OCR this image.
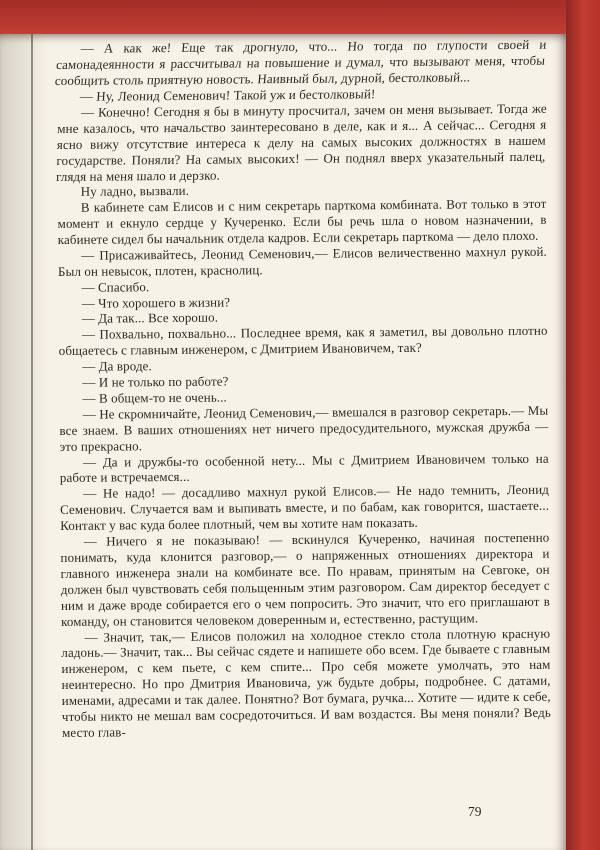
— А как же! Еще так дрогнуло, что... Но тогда по глупости своей и самонадеянности я рассчитывал на повышение и думал, что вызывают меня, чтобы сообщить столь приятную новость. Наивный был, дурной, бестолковый...

— Ну, Леонид Семенович! Такой уж и бестолковый!

— Конечно! Сегодня я бы в минуту просчитал, зачем он меня вызывает. Тогда же мне казалось, что начальство заинтересовано в деле, как и я... А сейчас... Сегодня я ясно вижу отсутствие интереса к делу на самых высоких должностях в нашем государстве. Поняли? На самых высоких! — Он поднял вверх указательный палец, глядя на меня шало и дерзко.

Ну ладно, вызвали.

В кабинете сам Елисов и с ним секретарь парткома комбината. Вот только в этот момент и екнуло сердце у Кучеренко. Если бы речь шла о новом назначении, в кабинете сидел бы начальник отдела кадров. Если секретарь парткома — дело плохо.

— Присаживайтесь, Леонид Семенович,— Елисов величественно махнул рукой. Был он невысок, плотен, краснолиц.

— Спасибо.

— Что хорошего в жизни?

— Да так... Все хорошо.

— Похвально, похвально... Последнее время, как я заметил, вы довольно плотно общаетесь с главным инженером, с Дмитрием Ивановичем, так?

— Да вроде.

— И не только по работе?

— В общем-то не очень...

— Не скромничайте, Леонид Семенович,— вмешался в разговор секретарь.— Мы все знаем. В ваших отношениях нет ничего предосудительного, мужская дружба — это прекрасно.

— Да и дружбы-то особенной нету... Мы с Дмитрием Ивановичем только на работе и встречаемся...

— Не надо! — досадливо махнул рукой Елисов.— Не надо темнить, Леонид Семенович. Случается вам и выпивать вместе, и по бабам, как говорится, шастаете... Контакт у вас куда более плотный, чем вы хотите нам показать.

— Ничего я не показываю! — вскинулся Кучеренко, начиная постепенно понимать, куда клонится разговор,— о напряженных отношениях директора и главного инженера знали на комбинате все. По нравам, принятым на Севгоке, он должен был чувствовать себя польщенным этим разговором. Сам директор беседует с ним и даже вроде собирается его о чем попросить. Это значит, что его приглашают в команду, он становится человеком доверенным и, естественно, растущим.

— Значит, так,— Елисов положил на холодное стекло стола плотную красную ладонь.— Значит, так... Вы сейчас сядете и напишете обо всем. Где бываете с главным инженером, с кем пьете, с кем спите... Про себя можете умолчать, это нам неинтересно. Но про Дмитрия Ивановича, уж будьте добры, подробнее. С датами, именами, адресами и так далее. Понятно? Вот бумага, ручка... Хотите — идите к себе, чтобы никто не мешал вам сосредоточиться. И вам воздастся. Вы меня поняли? Ведь место глав-

79
